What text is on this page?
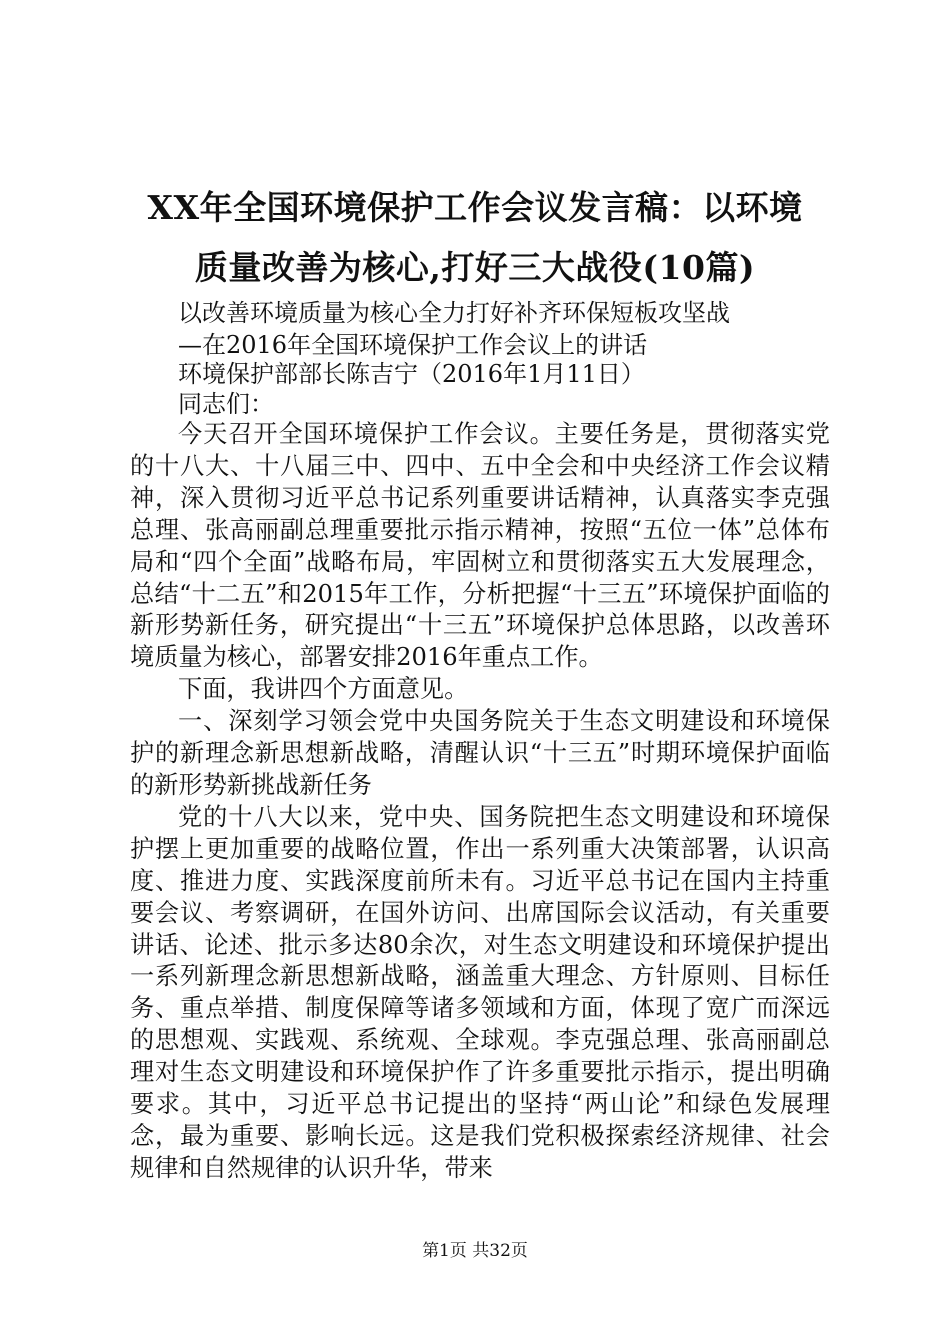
XX年全国环境保护工作会议发言稿：以环境
质量改善为核心,打好三大战役(10篇)
以改善环境质量为核心全力打好补齐环保短板攻坚战
—在2016年全国环境保护工作会议上的讲话
环境保护部部长陈吉宁（2016年1月11日）
同志们：

今天召开全国环境保护工作会议。主要任务是，贯彻落实党的十八大、十八届三中、四中、五中全会和中央经济工作会议精神，深入贯彻习近平总书记系列重要讲话精神，认真落实李克强总理、张高丽副总理重要批示指示精神，按照“五位一体”总体布局和“四个全面”战略布局，牢固树立和贯彻落实五大发展理念，总结“十二五”和2015年工作，分析把握“十三五”环境保护面临的新形势新任务，研究提出“十三五”环境保护总体思路，以改善环境质量为核心，部署安排2016年重点工作。

下面，我讲四个方面意见。

一、深刻学习领会党中央国务院关于生态文明建设和环境保护的新理念新思想新战略，清醒认识“十三五”时期环境保护面临的新形势新挑战新任务

党的十八大以来，党中央、国务院把生态文明建设和环境保护摆上更加重要的战略位置，作出一系列重大决策部署，认识高度、推进力度、实践深度前所未有。习近平总书记在国内主持重要会议、考察调研，在国外访问、出席国际会议活动，有关重要讲话、论述、批示多达80余次，对生态文明建设和环境保护提出一系列新理念新思想新战略，涵盖重大理念、方针原则、目标任务、重点举措、制度保障等诸多领域和方面，体现了宽广而深远的思想观、实践观、系统观、全球观。李克强总理、张高丽副总理对生态文明建设和环境保护作了许多重要批示指示，提出明确要求。其中，习近平总书记提出的坚持“两山论”和绿色发展理念，最为重要、影响长远。这是我们党积极探索经济规律、社会规律和自然规律的认识升华，带来

第1页 共32页
